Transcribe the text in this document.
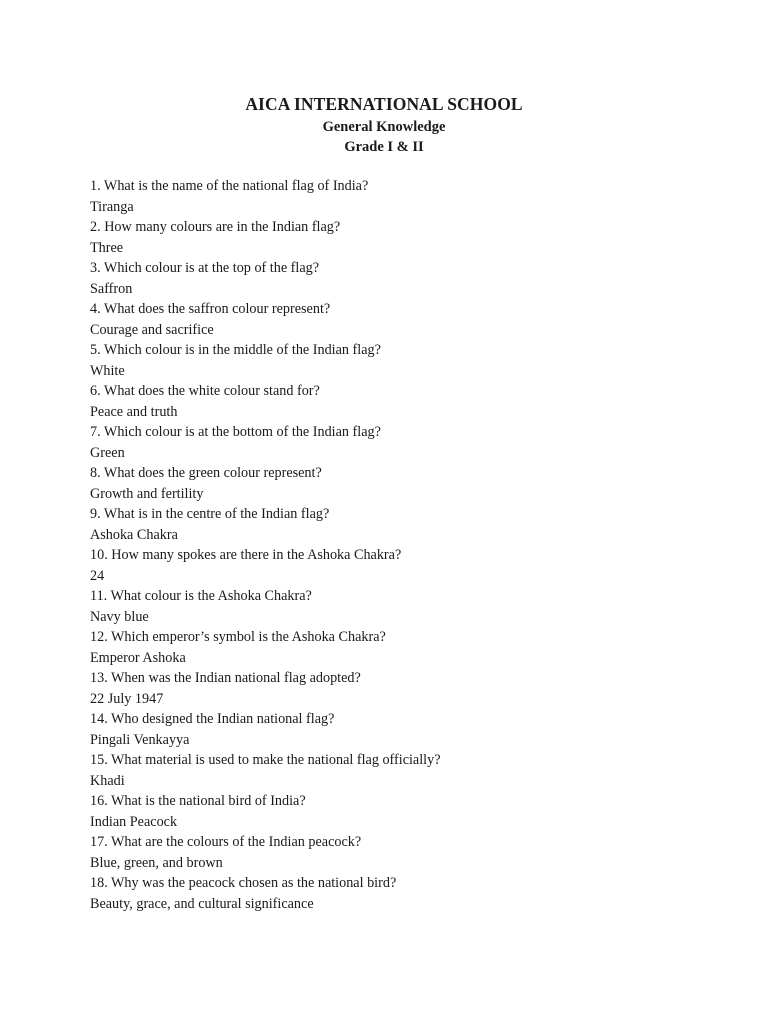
AICA INTERNATIONAL SCHOOL
General Knowledge
Grade I & II
1. What is the name of the national flag of India?
Tiranga
2. How many colours are in the Indian flag?
Three
3. Which colour is at the top of the flag?
Saffron
4. What does the saffron colour represent?
Courage and sacrifice
5. Which colour is in the middle of the Indian flag?
White
6. What does the white colour stand for?
Peace and truth
7. Which colour is at the bottom of the Indian flag?
Green
8. What does the green colour represent?
Growth and fertility
9. What is in the centre of the Indian flag?
Ashoka Chakra
10. How many spokes are there in the Ashoka Chakra?
24
11. What colour is the Ashoka Chakra?
Navy blue
12. Which emperor’s symbol is the Ashoka Chakra?
Emperor Ashoka
13. When was the Indian national flag adopted?
22 July 1947
14. Who designed the Indian national flag?
Pingali Venkayya
15. What material is used to make the national flag officially?
Khadi
16. What is the national bird of India?
Indian Peacock
17. What are the colours of the Indian peacock?
Blue, green, and brown
18. Why was the peacock chosen as the national bird?
Beauty, grace, and cultural significance
